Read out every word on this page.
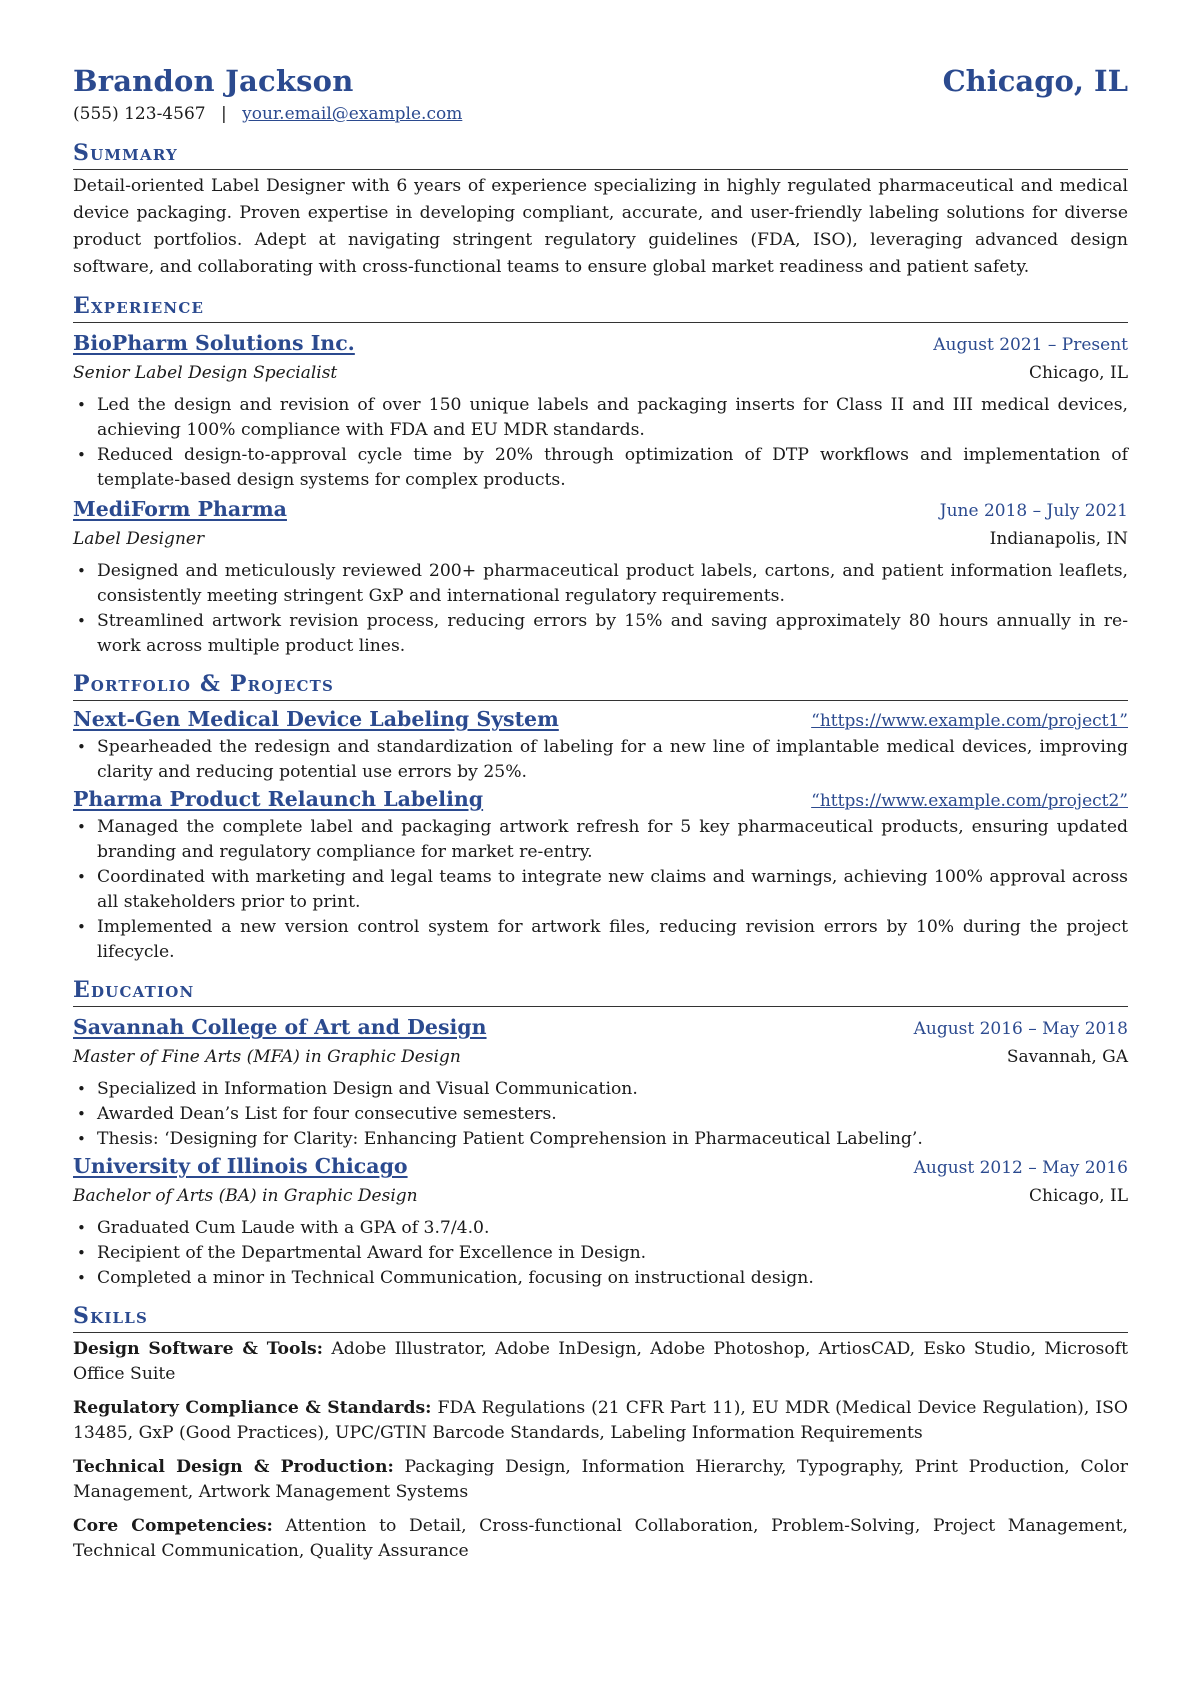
Brandon Jackson	Chicago, IL
(555) 123-4567 | your.email@example.com
Summary
Detail-oriented Label Designer with 6 years of experience specializing in highly regulated pharmaceutical and medical device packaging. Proven expertise in developing compliant, accurate, and user-friendly labeling solutions for diverse product portfolios. Adept at navigating stringent regulatory guidelines (FDA, ISO), leveraging advanced design software, and collaborating with cross-functional teams to ensure global market readiness and patient safety.
Experience
BioPharm Solutions Inc.	August 2021 – Present
Senior Label Design Specialist	Chicago, IL
• Led the design and revision of over 150 unique labels and packaging inserts for Class II and III medical devices, achieving 100% compliance with FDA and EU MDR standards.
• Reduced design-to-approval cycle time by 20% through optimization of DTP workflows and implementation of template-based design systems for complex products.
MediForm Pharma	June 2018 – July 2021
Label Designer	Indianapolis, IN
• Designed and meticulously reviewed 200+ pharmaceutical product labels, cartons, and patient information leaflets, consistently meeting stringent GxP and international regulatory requirements.
• Streamlined artwork revision process, reducing errors by 15% and saving approximately 80 hours annually in re-work across multiple product lines.
Portfolio & Projects
Next-Gen Medical Device Labeling System	“https://www.example.com/project1”
• Spearheaded the redesign and standardization of labeling for a new line of implantable medical devices, improving clarity and reducing potential use errors by 25%.
Pharma Product Relaunch Labeling	“https://www.example.com/project2”
• Managed the complete label and packaging artwork refresh for 5 key pharmaceutical products, ensuring updated branding and regulatory compliance for market re-entry.
• Coordinated with marketing and legal teams to integrate new claims and warnings, achieving 100% approval across all stakeholders prior to print.
• Implemented a new version control system for artwork files, reducing revision errors by 10% during the project lifecycle.
Education
Savannah College of Art and Design	August 2016 – May 2018
Master of Fine Arts (MFA) in Graphic Design	Savannah, GA
• Specialized in Information Design and Visual Communication.
• Awarded Dean’s List for four consecutive semesters.
• Thesis: ‘Designing for Clarity: Enhancing Patient Comprehension in Pharmaceutical Labeling’.
University of Illinois Chicago	August 2012 – May 2016
Bachelor of Arts (BA) in Graphic Design	Chicago, IL
• Graduated Cum Laude with a GPA of 3.7/4.0.
• Recipient of the Departmental Award for Excellence in Design.
• Completed a minor in Technical Communication, focusing on instructional design.
Skills
Design Software & Tools: Adobe Illustrator, Adobe InDesign, Adobe Photoshop, ArtiosCAD, Esko Studio, Microsoft Office Suite
Regulatory Compliance & Standards: FDA Regulations (21 CFR Part 11), EU MDR (Medical Device Regulation), ISO 13485, GxP (Good Practices), UPC/GTIN Barcode Standards, Labeling Information Requirements
Technical Design & Production: Packaging Design, Information Hierarchy, Typography, Print Production, Color Management, Artwork Management Systems
Core Competencies: Attention to Detail, Cross-functional Collaboration, Problem-Solving, Project Management, Technical Communication, Quality Assurance
